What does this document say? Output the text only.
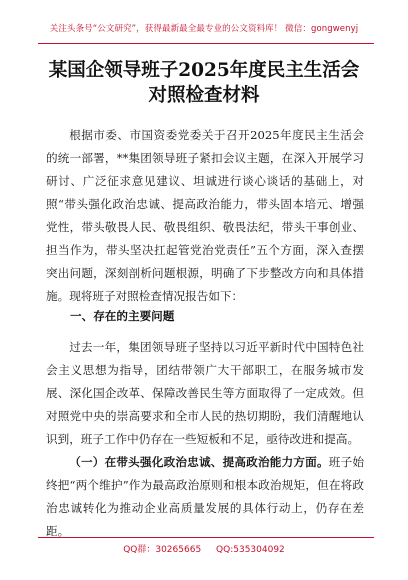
关注头条号“公文研究”，获得最新最全最专业的公文资料库！ 微信：gongwenyj
某国企领导班子2025年度民主生活会对照检查材料
根据市委、市国资委党委关于召开2025年度民主生活会的统一部署，**集团领导班子紧扣会议主题，在深入开展学习研讨、广泛征求意见建议、坦诚进行谈心谈话的基础上，对照“带头强化政治忠诚、提高政治能力，带头固本培元、增强党性，带头敬畏人民、敬畏组织、敬畏法纪，带头干事创业、担当作为，带头坚决扛起管党治党责任”五个方面，深入查摆突出问题，深刻剖析问题根源，明确了下步整改方向和具体措施。现将班子对照检查情况报告如下：
一、存在的主要问题
过去一年，集团领导班子坚持以习近平新时代中国特色社会主义思想为指导，团结带领广大干部职工，在服务城市发展、深化国企改革、保障改善民生等方面取得了一定成效。但对照党中央的崇高要求和全市人民的热切期盼，我们清醒地认识到，班子工作中仍存在一些短板和不足，亟待改进和提高。
（一）在带头强化政治忠诚、提高政治能力方面。班子始终把“两个维护”作为最高政治原则和根本政治规矩，但在将政治忠诚转化为推动企业高质量发展的具体行动上，仍存在差距。
QQ群：30265665 QQ:535304092
